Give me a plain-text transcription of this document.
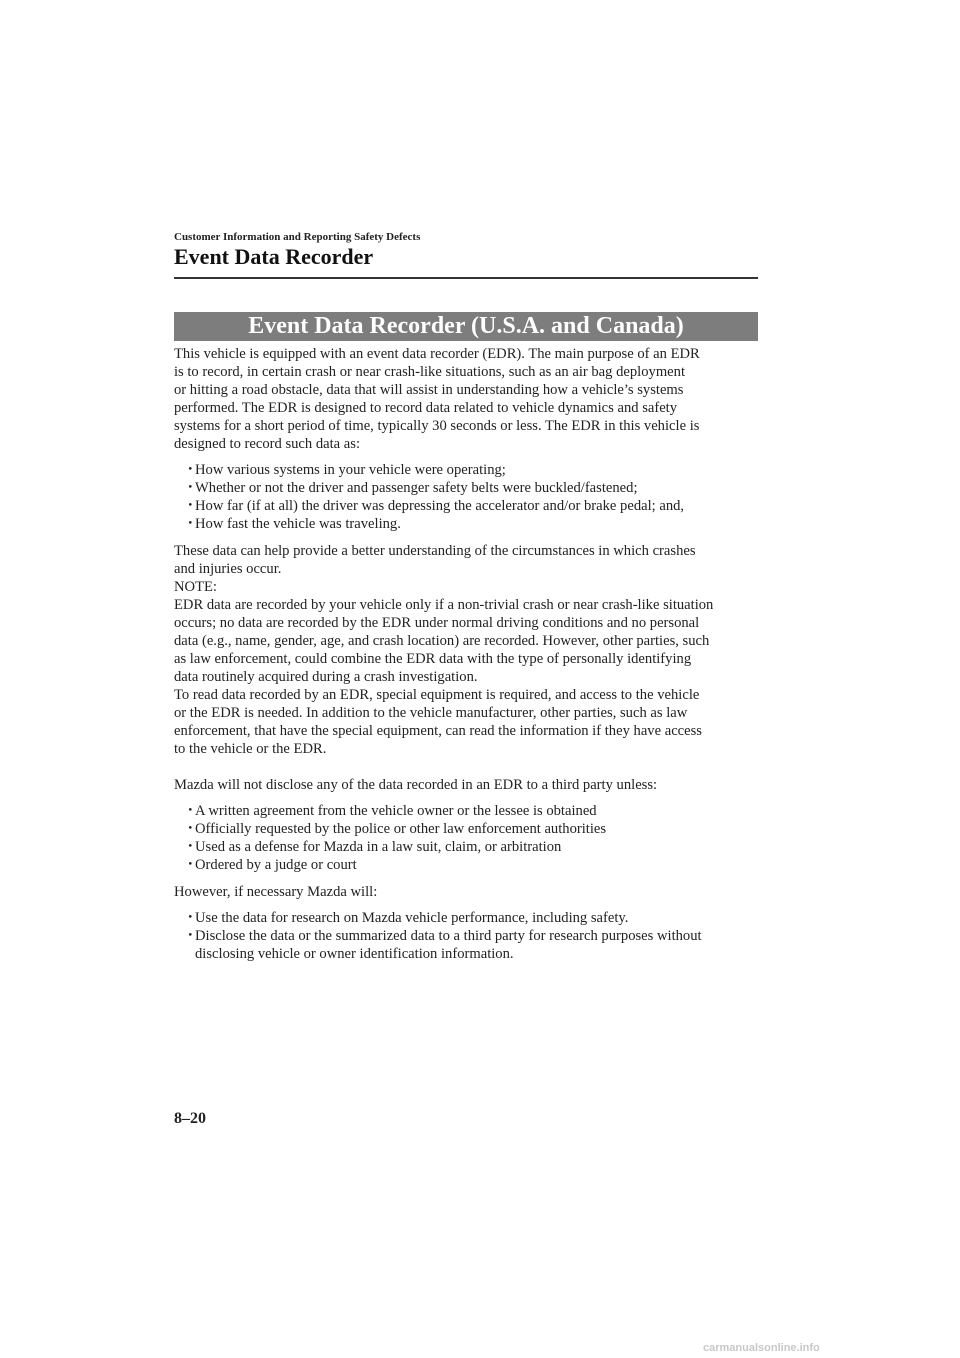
Customer Information and Reporting Safety Defects
Event Data Recorder
Event Data Recorder (U.S.A. and Canada)

This vehicle is equipped with an event data recorder (EDR). The main purpose of an EDR

is to record, in certain crash or near crash-like situations, such as an air bag deployment

or hitting a road obstacle, data that will assist in understanding how a vehicle’s systems

performed. The EDR is designed to record data related to vehicle dynamics and safety

systems for a short period of time, typically 30 seconds or less. The EDR in this vehicle is

designed to record such data as:

・
How various systems in your vehicle were operating;
・
Whether or not the driver and passenger safety belts were buckled/fastened;
・
How far (if at all) the driver was depressing the accelerator and/or brake pedal; and,
・
How fast the vehicle was traveling.

These data can help provide a better understanding of the circumstances in which crashes

and injuries occur.

NOTE:

EDR data are recorded by your vehicle only if a non-trivial crash or near crash-like situation

occurs; no data are recorded by the EDR under normal driving conditions and no personal

data (e.g., name, gender, age, and crash location) are recorded. However, other parties, such

as law enforcement, could combine the EDR data with the type of personally identifying

data routinely acquired during a crash investigation.

To read data recorded by an EDR, special equipment is required, and access to the vehicle

or the EDR is needed. In addition to the vehicle manufacturer, other parties, such as law

enforcement, that have the special equipment, can read the information if they have access

to the vehicle or the EDR.

Mazda will not disclose any of the data recorded in an EDR to a third party unless:

・
A written agreement from the vehicle owner or the lessee is obtained
・
Officially requested by the police or other law enforcement authorities
・
Used as a defense for Mazda in a law suit, claim, or arbitration
・
Ordered by a judge or court

However, if necessary Mazda will:

・
Use the data for research on Mazda vehicle performance, including safety.
・
Disclose the data or the summarized data to a third party for research purposes without
disclosing vehicle or owner identification information.
8–20
carmanualsonline.info
